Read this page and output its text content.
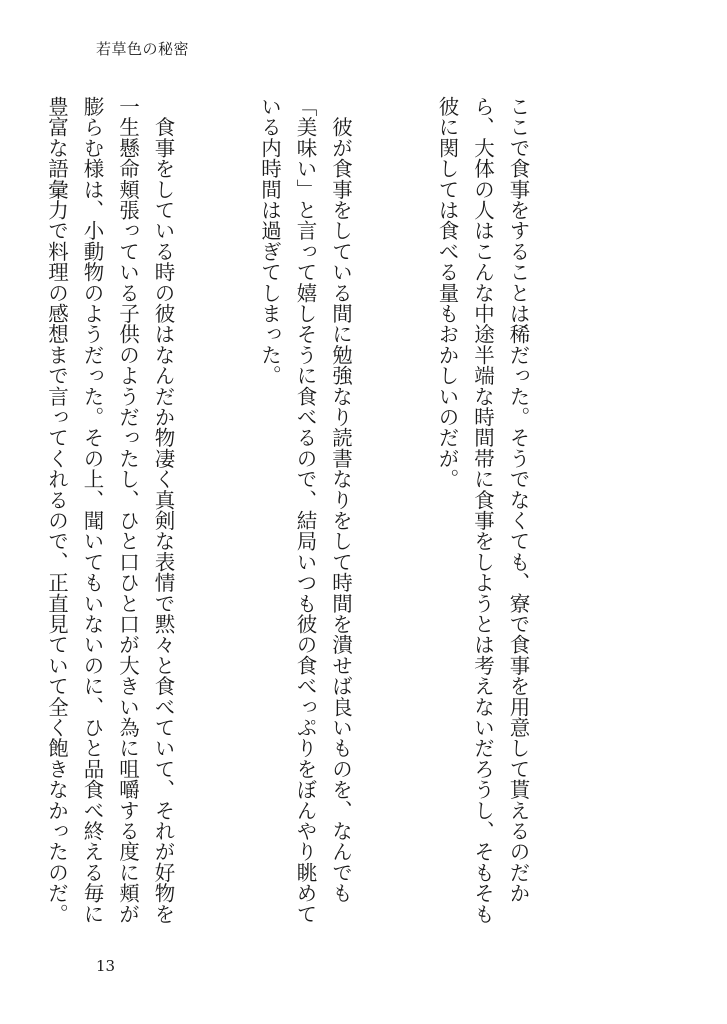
若草色の秘密

ここで食事をすることは稀だった。そうでなくても、寮で食事を用意して貰えるのだから、大体の人はこんな中途半端な時間帯に食事をしようとは考えないだろうし、そもそも彼に関しては食べる量もおかしいのだが。

　彼が食事をしている間に勉強なり読書なりをして時間を潰せば良いものを、なんでも「美味い」と言って嬉しそうに食べるので、結局いつも彼の食べっぷりをぼんやり眺めている内時間は過ぎてしまった。

　食事をしている時の彼はなんだか物凄く真剣な表情で黙々と食べていて、それが好物を一生懸命頬張っている子供のようだったし、ひと口ひと口が大きい為に咀嚼する度に頬が膨らむ様は、小動物のようだった。その上、聞いてもいないのに、ひと品食べ終える毎に豊富な語彙力で料理の感想まで言ってくれるので、正直見ていて全く飽きなかったのだ。

13
